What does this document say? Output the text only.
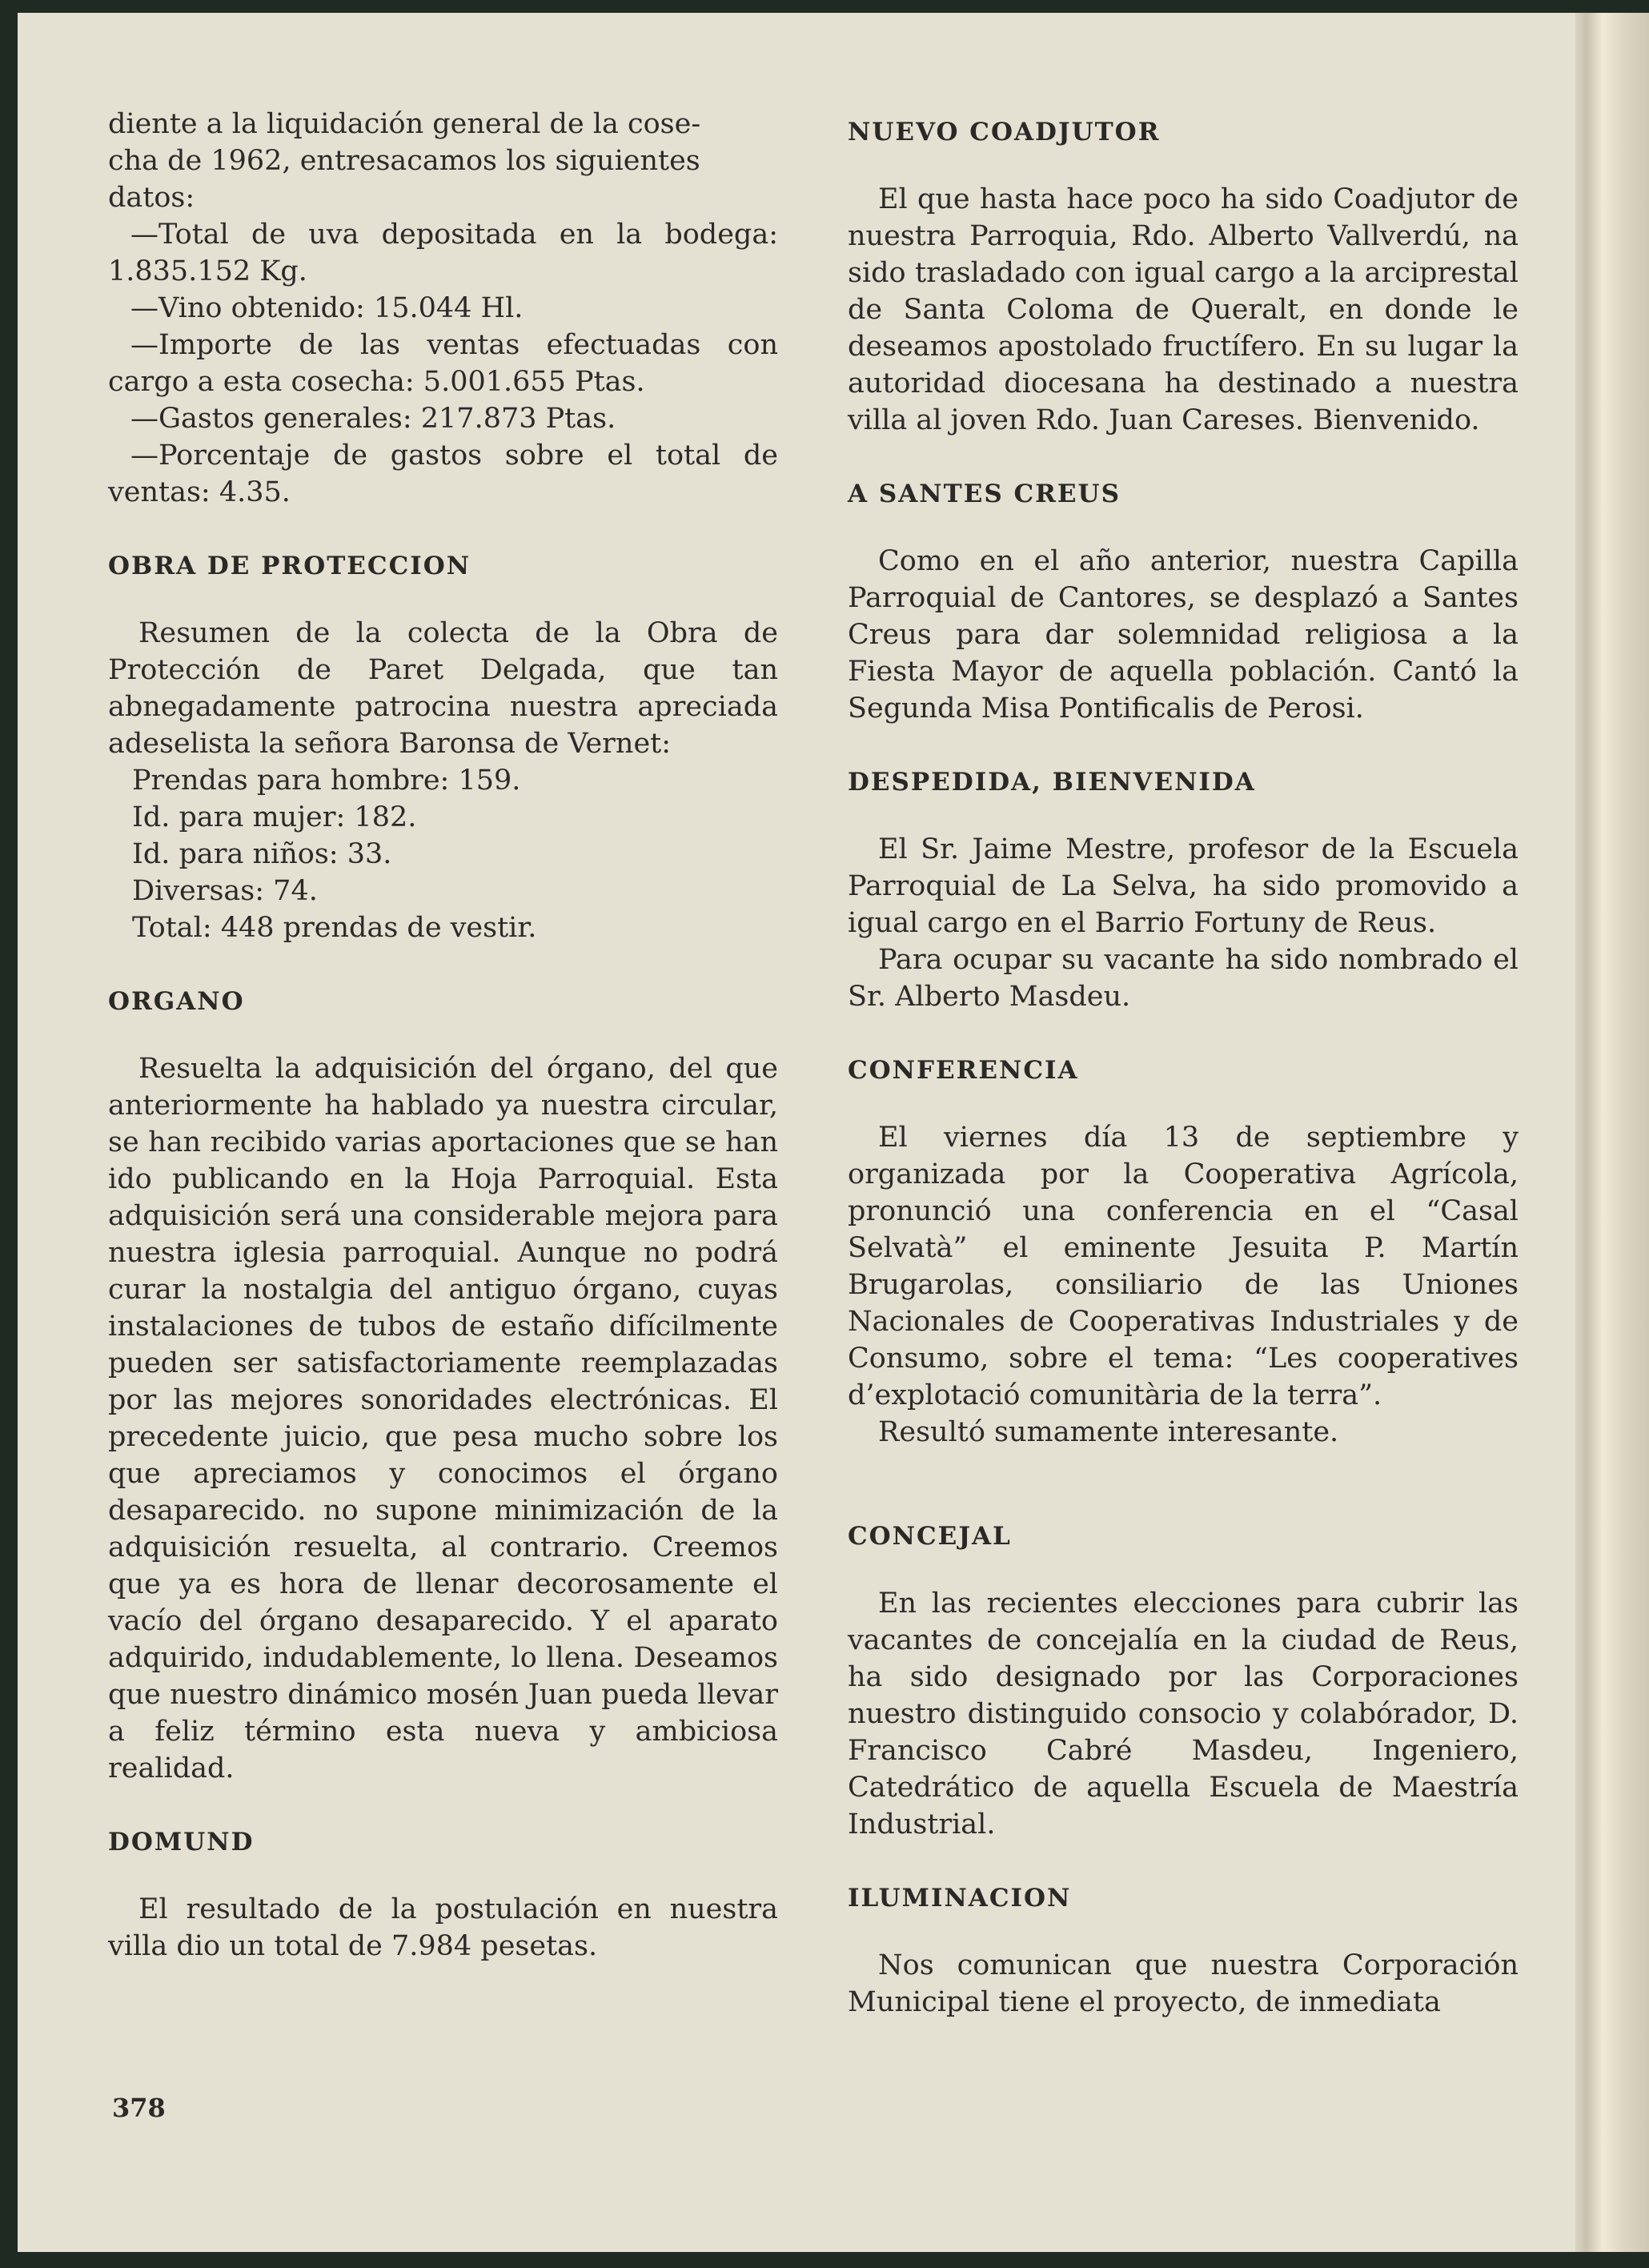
diente a la liquidación general de la cose-

cha de 1962, entresacamos los siguientes

datos:

—Total de uva depositada en la bodega: 1.835.152 Kg.

—Vino obtenido: 15.044 Hl.

—Importe de las ventas efectuadas con cargo a esta cosecha: 5.001.655 Ptas.

—Gastos generales: 217.873 Ptas.

—Porcentaje de gastos sobre el total de ventas: 4.35.

OBRA DE PROTECCION

Resumen de la colecta de la Obra de Protección de Paret Delgada, que tan abnegadamente patrocina nuestra apreciada adeselista la señora Baronsa de Vernet:

Prendas para hombre: 159.

Id. para mujer: 182.

Id. para niños: 33.

Diversas: 74.

Total: 448 prendas de vestir.

ORGANO

Resuelta la adquisición del órgano, del que anteriormente ha hablado ya nuestra circular, se han recibido varias aportaciones que se han ido publicando en la Hoja Parroquial. Esta adquisición será una considerable mejora para nuestra iglesia parroquial. Aunque no podrá curar la nostalgia del antiguo órgano, cuyas instalaciones de tubos de estaño difícilmente pueden ser satisfactoriamente reemplazadas por las mejores sonoridades electrónicas. El precedente juicio, que pesa mucho sobre los que apreciamos y conocimos el órgano desaparecido. no supone minimización de la adquisición resuelta, al contrario. Creemos que ya es hora de llenar decorosamente el vacío del órgano desaparecido. Y el aparato adquirido, indudablemente, lo llena. Deseamos que nuestro dinámico mosén Juan pueda llevar a feliz término esta nueva y ambiciosa realidad.

DOMUND

El resultado de la postulación en nuestra villa dio un total de 7.984 pesetas.

NUEVO COADJUTOR

El que hasta hace poco ha sido Coadjutor de nuestra Parroquia, Rdo. Alberto Vallverdú, na sido trasladado con igual cargo a la arciprestal de Santa Coloma de Queralt, en donde le deseamos apostolado fructífero. En su lugar la autoridad diocesana ha destinado a nuestra villa al joven Rdo. Juan Careses. Bienvenido.

A SANTES CREUS

Como en el año anterior, nuestra Capilla Parroquial de Cantores, se desplazó a Santes Creus para dar solemnidad religiosa a la Fiesta Mayor de aquella población. Cantó la Segunda Misa Pontificalis de Perosi.

DESPEDIDA, BIENVENIDA

El Sr. Jaime Mestre, profesor de la Escuela Parroquial de La Selva, ha sido promovido a igual cargo en el Barrio Fortuny de Reus.

Para ocupar su vacante ha sido nombrado el Sr. Alberto Masdeu.

CONFERENCIA

El viernes día 13 de septiembre y organizada por la Cooperativa Agrícola, pronunció una conferencia en el “Casal Selvatà” el eminente Jesuita P. Martín Brugarolas, consiliario de las Uniones Nacionales de Cooperativas Industriales y de Consumo, sobre el tema: “Les cooperatives d’explotació comunitària de la terra”.

Resultó sumamente interesante.

CONCEJAL

En las recientes elecciones para cubrir las vacantes de concejalía en la ciudad de Reus, ha sido designado por las Corporaciones nuestro distinguido consocio y colabórador, D. Francisco Cabré Masdeu, Ingeniero, Catedrático de aquella Escuela de Maestría Industrial.

ILUMINACION

Nos comunican que nuestra Corporación Municipal tiene el proyecto, de inmediata

378
